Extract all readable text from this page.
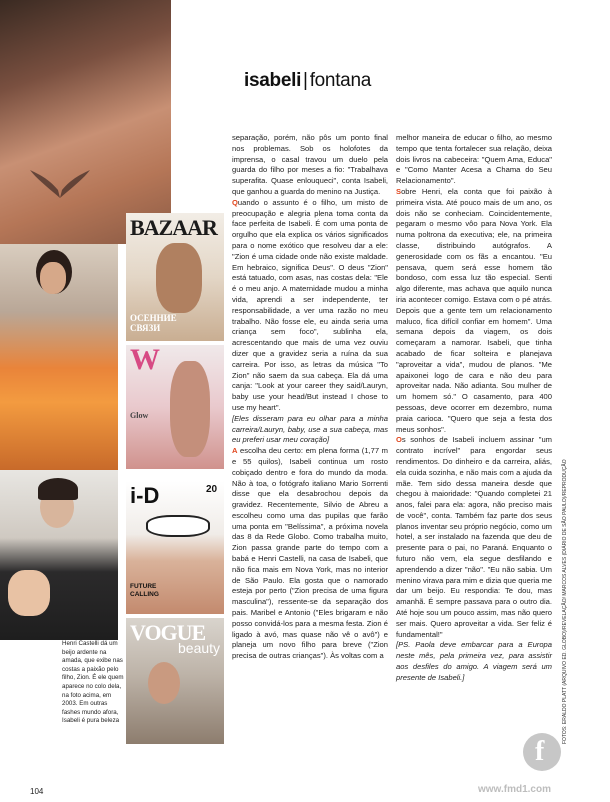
BAZAAR
ОСЕННИЕ СВЯЗИ
W
Glow
i-D	20
FUTURE CALLING
VOGUE
beauty
isabeli | fontana

separação, porém, não pôs um ponto final nos problemas. Sob os holofotes da imprensa, o casal travou um duelo pela guarda do filho por meses a fio: "Trabalhava superafita. Quase enlouqueci", conta Isabeli, que ganhou a guarda do menino na Justiça.

Quando o assunto é o filho, um misto de preocupação e alegria plena toma conta da face perfeita de Isabeli. É com uma ponta de orgulho que ela explica os vários significados para o nome exótico que resolveu dar a ele: "Zion é uma cidade onde não existe maldade. Em hebraico, significa Deus". O deus "Zion" está tatuado, com asas, nas costas dela: "Ele é o meu anjo. A maternidade mudou a minha vida, aprendi a ser independente, ter responsabilidade, a ver uma razão no meu trabalho. Não fosse ele, eu ainda seria uma criança sem foco", sublinha ela, acrescentando que mais de uma vez ouviu dizer que a gravidez seria a ruína da sua carreira. Por isso, as letras da música "To Zion" não saem da sua cabeça. Ela dá uma canja: "Look at your career they said/Lauryn, baby use your head/But instead I chose to use my heart".

[Eles disseram para eu olhar para a minha carreira/Lauryn, baby, use a sua cabeça, mas eu preferi usar meu coração]

A escolha deu certo: em plena forma (1,77 m e 55 quilos), Isabeli continua um rosto cobiçado dentro e fora do mundo da moda. Não à toa, o fotógrafo italiano Mario Sorrenti disse que ela desabrochou depois da gravidez. Recentemente, Silvio de Abreu a escolheu como uma das pupilas que farão uma ponta em "Belíssima", a próxima novela das 8 da Rede Globo. Como trabalha muito, Zion passa grande parte do tempo com a babá e Henri Castelli, na casa de Isabeli, que não fica mais em Nova York, mas no interior de São Paulo. Ela gosta que o namorado esteja por perto ("Zion precisa de uma figura masculina"), ressente-se da separação dos pais. Maribel e Antonio ("Eles brigaram e não posso convidá-los para a mesma festa. Zion é ligado à avó, mas quase não vê o avô") e planeja um novo filho para breve ("Zion precisa de outras crianças"). Às voltas com a

melhor maneira de educar o filho, ao mesmo tempo que tenta fortalecer sua relação, deixa dois livros na cabeceira: "Quem Ama, Educa" e "Como Manter Acesa a Chama do Seu Relacionamento".

Sobre Henri, ela conta que foi paixão à primeira vista. Até pouco mais de um ano, os dois não se conheciam. Coincidentemente, pegaram o mesmo vôo para Nova York. Ela numa poltrona da executiva; ele, na primeira classe, distribuindo autógrafos. A generosidade com os fãs a encantou. "Eu pensava, quem será esse homem tão bondoso, com essa luz tão especial. Senti algo diferente, mas achava que aquilo nunca iria acontecer comigo. Estava com o pé atrás. Depois que a gente tem um relacionamento maluco, fica difícil confiar em homem". Uma semana depois da viagem, os dois começaram a namorar. Isabeli, que tinha acabado de ficar solteira e planejava "aproveitar a vida", mudou de planos. "Me apaixonei logo de cara e não deu para aproveitar nada. Não adianta. Sou mulher de um homem só." O casamento, para 400 pessoas, deve ocorrer em dezembro, numa praia carioca. "Quero que seja a festa dos meus sonhos".

Os sonhos de Isabeli incluem assinar "um contrato incrível" para engordar seus rendimentos. Do dinheiro e da carreira, aliás, ela cuida sozinha, e não mais com a ajuda da mãe. Tem sido dessa maneira desde que chegou à maioridade: "Quando completei 21 anos, falei para ela: agora, não preciso mais de você", conta. Também faz parte dos seus planos inventar seu próprio negócio, como um hotel, a ser instalado na fazenda que deu de presente para o pai, no Paraná. Enquanto o futuro não vem, ela segue desfilando e aprendendo a dizer "não". "Eu não sabia. Um menino virava para mim e dizia que queria me dar um beijo. Eu respondia: Te dou, mas amanhã. É sempre passava para o outro dia. Até hoje sou um pouco assim, mas não quero ser mais. Quero aproveitar a vida. Ser feliz é fundamental!"

[PS. Paola deve embarcar para a Europa neste mês, pela primeira vez, para assistir aos desfiles do amigo. A viagem será um presente de Isabeli.]

Henri Castelli dá um beijo ardente na amada, que exibe nas costas a paixão pelo filho, Zion. É ele quem aparece no colo dela, na foto acima, em 2003. Em outras fashes mundo afora, Isabeli é pura beleza	FOTOS: ERALDO PLATT (ARQUIVO ED. GLOBO)/REVELAÇÃO/ MARCOS ALVES (DIÁRIO DE SÃO PAULO)/REPRODUÇÃO
104
f
www.fmd1.com
